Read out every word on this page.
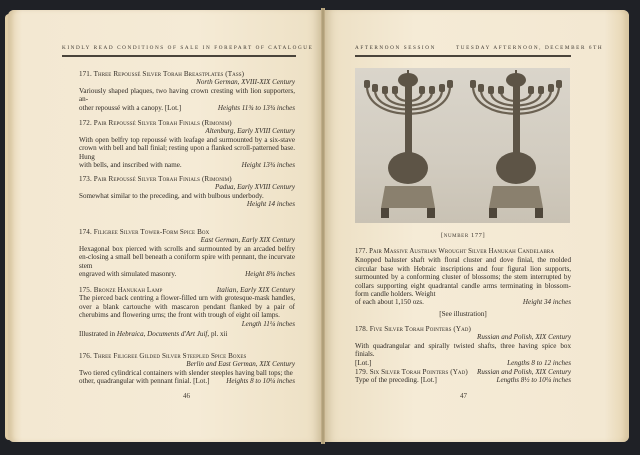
KINDLY READ CONDITIONS OF SALE IN FOREPART OF CATALOGUE
171. Three Repoussé Silver Torah Breastplates (Tass)
North German, XVIII-XIX Century
Variously shaped plaques, two having crown cresting with lion supporters, an-
other repoussé with a canopy. [Lot.]	Heights 11¾ to 13¾ inches
172. Pair Repoussé Silver Torah Finials (Rimonim)
Altenburg, Early XVIII Century
With open belfry top repoussé with leafage and surmounted by a six-stave crown with bell and ball finial; resting upon a flanked scroll-patterned base. Hung
with bells, and inscribed with name.	Height 13¾ inches
173. Pair Repoussé Silver Torah Finials (Rimonim)
Padua, Early XVIII Century
Somewhat similar to the preceding, and with bulbous underbody.
Height 14 inches
174. Filigree Silver Tower-Form Spice Box
East German, Early XIX Century
Hexagonal box pierced with scrolls and surmounted by an arcaded belfry en-closing a small bell beneath a coniform spire with pennant, the incurvate stem
engraved with simulated masonry.	Height 8¾ inches
175. Bronze Hanukah Lamp	Italian, Early XIX Century
The pierced back centring a flower-filled urn with grotesque-mask handles, over a blank cartouche with mascaron pendant flanked by a pair of cherubims and flowering urns; the front with trough of eight oil lamps.
Length 11¼ inches
Illustrated in Hebraica, Documents d'Art Juif, pl. xii
176. Three Filigree Gilded Silver Steepled Spice Boxes
Berlin and East German, XIX Century
Two tiered cylindrical containers with slender steeples having ball tops; the
other, quadrangular with pennant finial. [Lot.] Heights 8 to 10¼ inches
46
AFTERNOON SESSION	TUESDAY AFTERNOON, DECEMBER 6TH
[number 177]
177. Pair Massive Austrian Wrought Silver Hanukah Candelabra
Knopped baluster shaft with floral cluster and dove finial, the molded circular base with Hebraic inscriptions and four figural lion supports, surmounted by a conforming cluster of blossoms; the stem interrupted by collars supporting eight quadrantal candle arms terminating in blossom-form candle holders. Weight
of each about 1,150 ozs.	Height 34 inches
[See illustration]
178. Five Silver Torah Pointers (Yad)
Russian and Polish, XIX Century
With quadrangular and spirally twisted shafts, three having spice box finials.
[Lot.]	Lengths 8 to 12 inches
179. Six Silver Torah Pointers (Yad) Russian and Polish, XIX Century
Type of the preceding. [Lot.]	Lengths 8½ to 10¼ inches
47
